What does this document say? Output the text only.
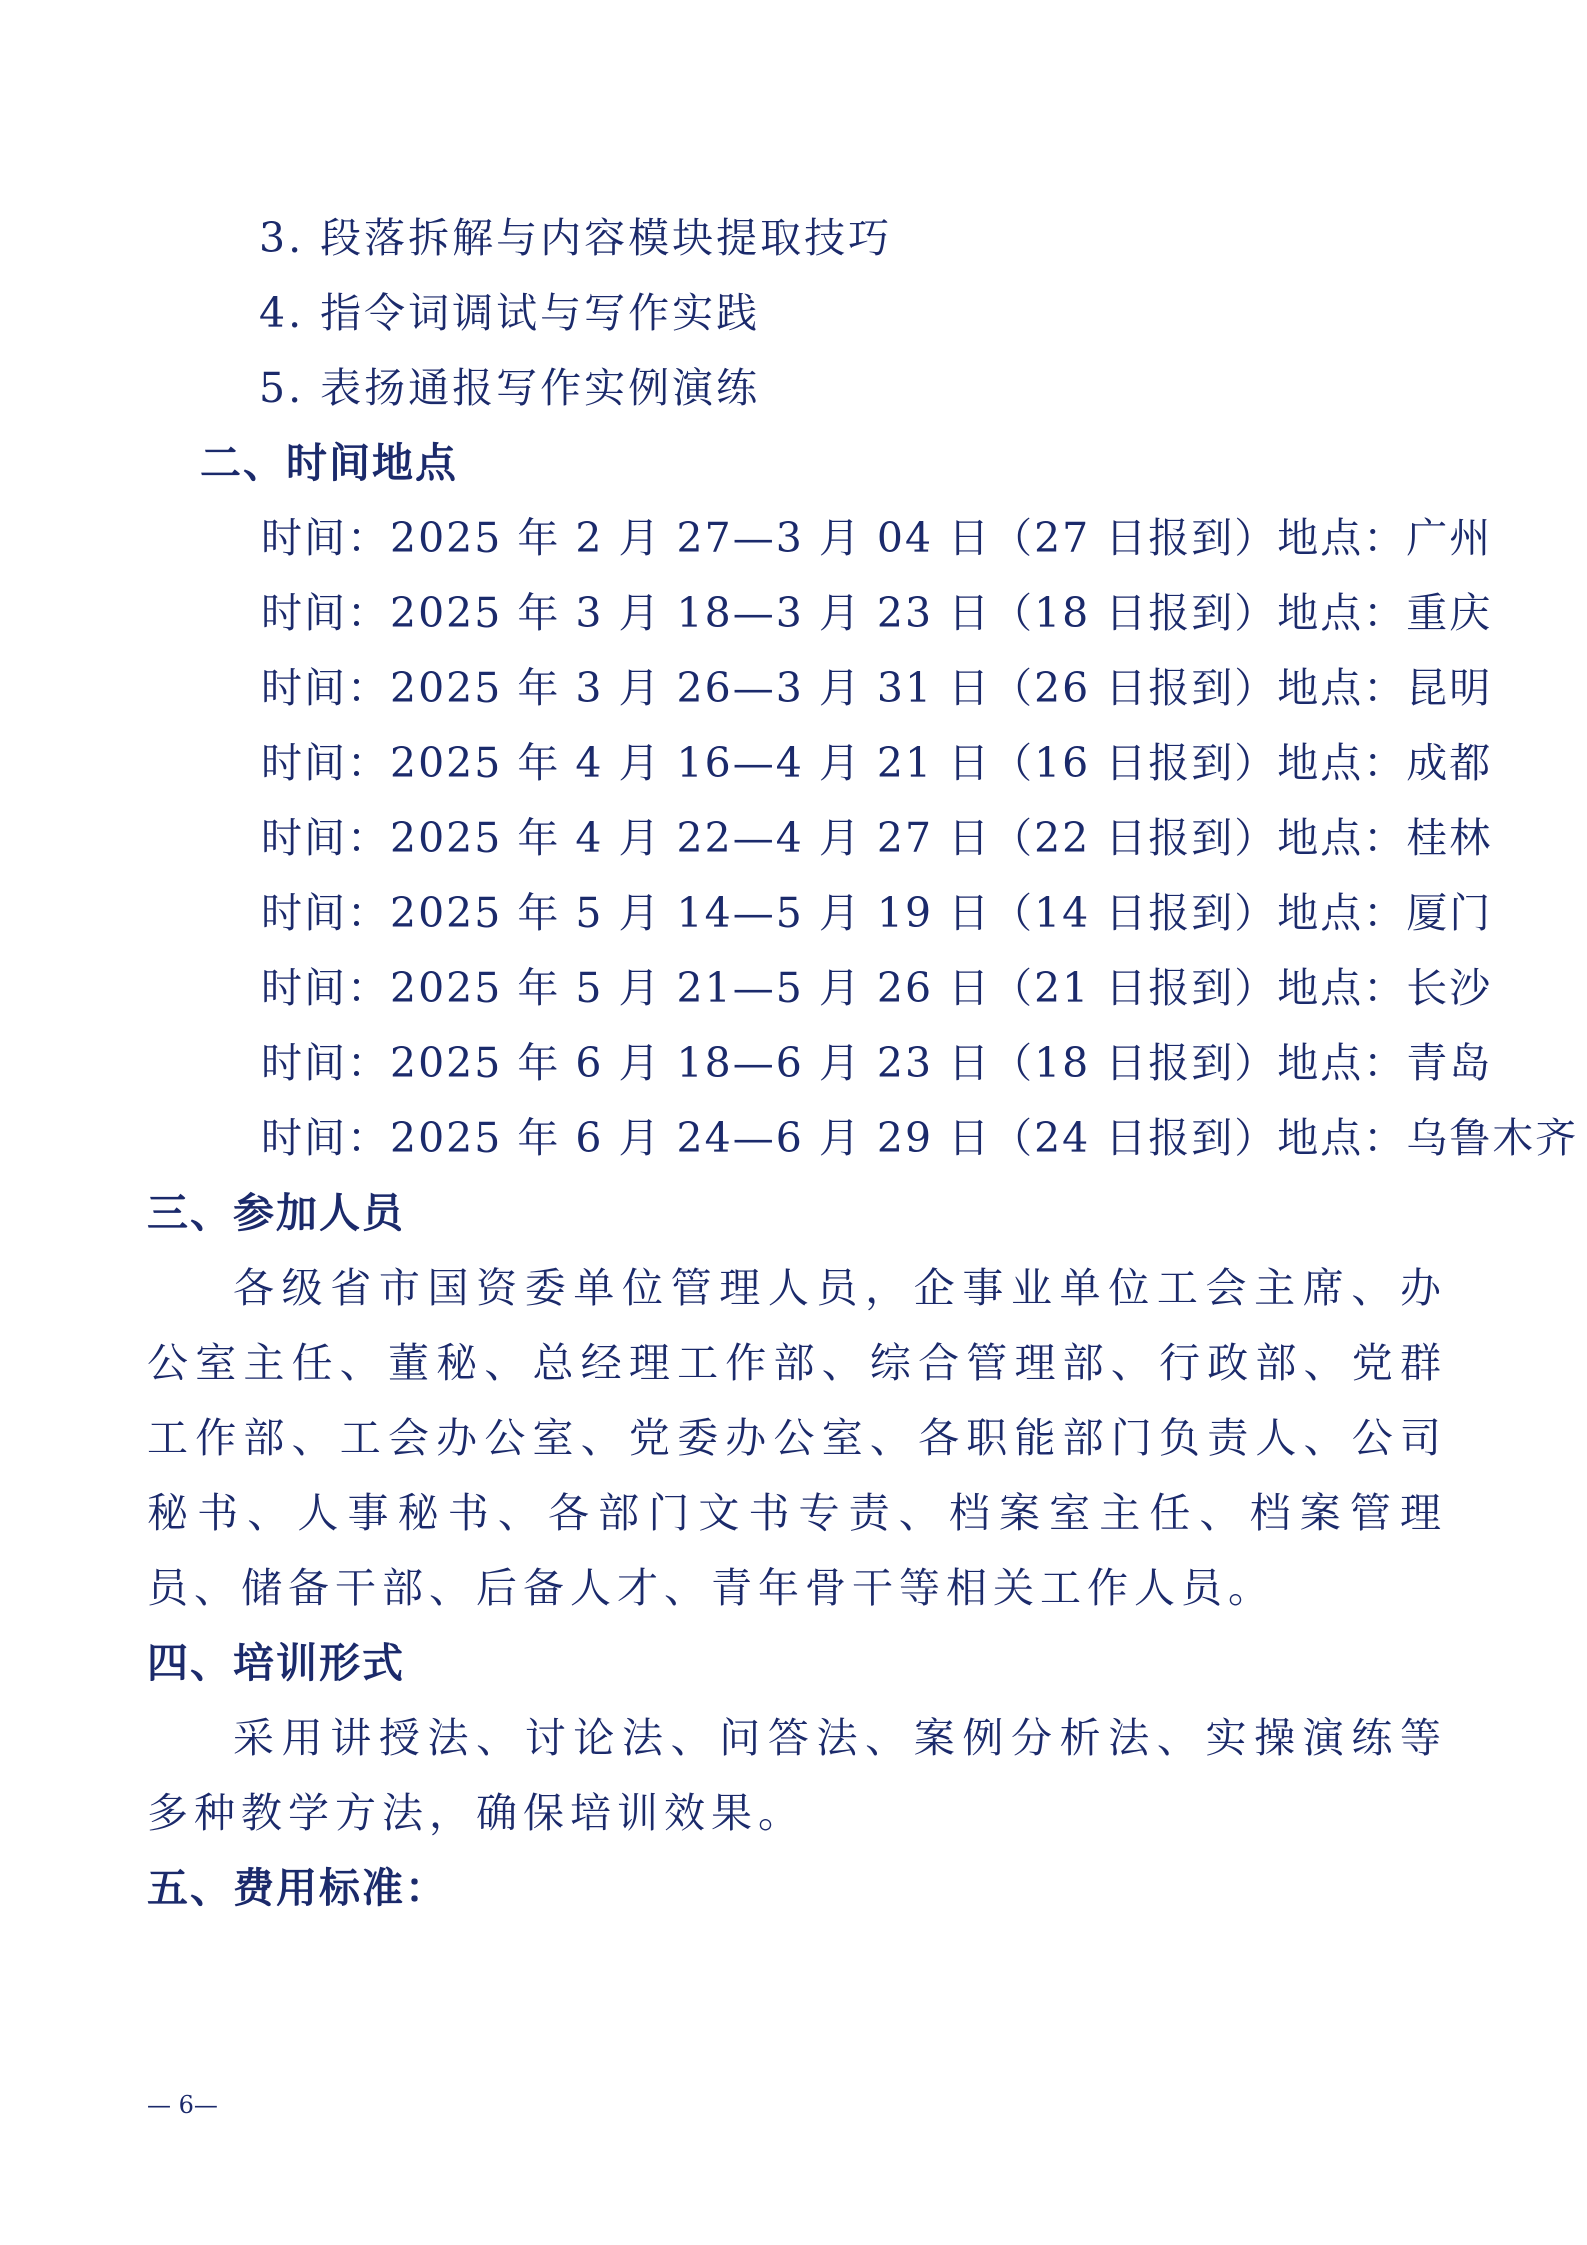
3. 段落拆解与内容模块提取技巧
4. 指令词调试与写作实践
5. 表扬通报写作实例演练
二、时间地点
时间：2025 年 2 月 27—3 月 04 日（27 日报到）地点：广州
时间：2025 年 3 月 18—3 月 23 日（18 日报到）地点：重庆
时间：2025 年 3 月 26—3 月 31 日（26 日报到）地点：昆明
时间：2025 年 4 月 16—4 月 21 日（16 日报到）地点：成都
时间：2025 年 4 月 22—4 月 27 日（22 日报到）地点：桂林
时间：2025 年 5 月 14—5 月 19 日（14 日报到）地点：厦门
时间：2025 年 5 月 21—5 月 26 日（21 日报到）地点：长沙
时间：2025 年 6 月 18—6 月 23 日（18 日报到）地点：青岛
时间：2025 年 6 月 24—6 月 29 日（24 日报到）地点：乌鲁木齐
三、参加人员
各级省市国资委单位管理人员，企事业单位工会主席、办公室主任、董秘、总经理工作部、综合管理部、行政部、党群工作部、工会办公室、党委办公室、各职能部门负责人、公司秘书、人事秘书、各部门文书专责、档案室主任、档案管理员、储备干部、后备人才、青年骨干等相关工作人员。
四、培训形式
采用讲授法、讨论法、问答法、案例分析法、实操演练等多种教学方法，确保培训效果。
五、费用标准：
— 6—
